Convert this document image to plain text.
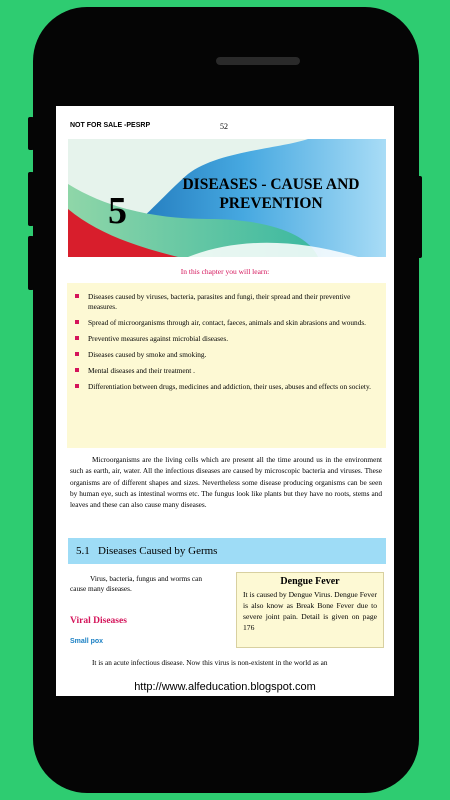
NOT FOR SALE -PESRP	52
5
DISEASES - CAUSE AND
PREVENTION
In this chapter you will learn:
Diseases caused by viruses, bacteria, parasites and fungi, their spread and their preventive measures.
Spread of microorganisms through air, contact, faeces, animals and skin abrasions and wounds.
Preventive measures against microbial diseases.
Diseases caused by smoke and smoking.
Mental diseases and their treatment .
Differentiation between drugs, medicines and addiction, their uses, abuses and effects on society.
Microorganisms are the living cells which are present all the time around us in the environment such as earth, air, water. All the infectious diseases are caused by microscopic bacteria and viruses. These organisms are of different shapes and sizes. Nevertheless some disease producing organisms can be seen by human eye, such as intestinal worms etc. The fungus look like plants but they have no roots, stems and leaves and these can also cause many diseases.
5.1 Diseases Caused by Germs
Virus, bacteria, fungus and worms can cause many diseases.
Dengue Fever
It is caused by Dengue Virus. Dengue Fever is also know as Break Bone Fever due to severe joint pain. Detail is given on page 176
Viral Diseases
Small pox
It is an acute infectious disease. Now this virus is non-existent in the world as an
http://www.alfeducation.blogspot.com
